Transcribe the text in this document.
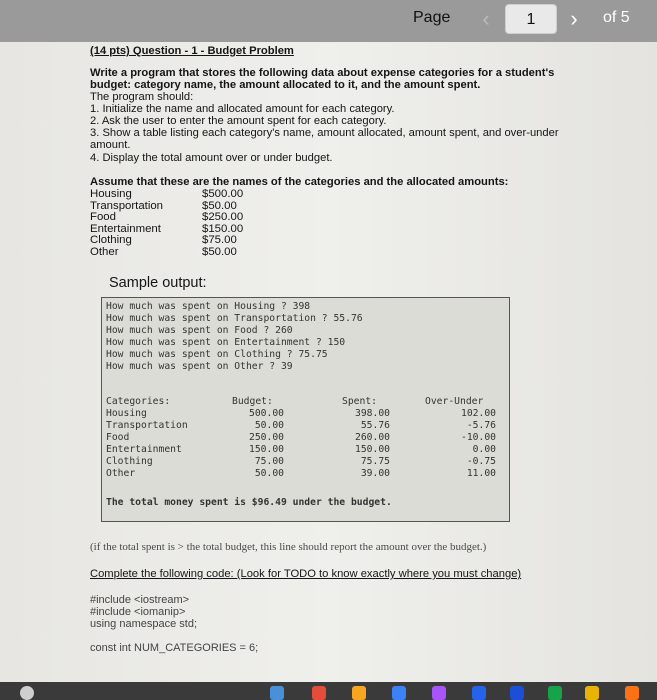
Page	‹	1	›	of 5
(14 pts) Question - 1 - Budget Problem
Write a program that stores the following data about expense categories for a student's
budget: category name, the amount allocated to it, and the amount spent.
The program should:
1. Initialize the name and allocated amount for each category.
2. Ask the user to enter the amount spent for each category.
3. Show a table listing each category's name, amount allocated, amount spent, and over-under
amount.
4. Display the total amount over or under budget.
Assume that these are the names of the categories and the allocated amounts:
Housing	$500.00
Transportation	$50.00
Food	$250.00
Entertainment	$150.00
Clothing	$75.00
Other	$50.00
Sample output:
How much was spent on Housing ? 398
How much was spent on Transportation ? 55.76
How much was spent on Food ? 260
How much was spent on Entertainment ? 150
How much was spent on Clothing ? 75.75
How much was spent on Other ? 39
Categories:	Budget:	Spent:	Over-Under
Housing	500.00	398.00	102.00
Transportation	50.00	55.76	-5.76
Food	250.00	260.00	-10.00
Entertainment	150.00	150.00	0.00
Clothing	75.00	75.75	-0.75
Other	50.00	39.00	11.00
The total money spent is $96.49 under the budget.
(if the total spent is > the total budget, this line should report the amount over the budget.)
Complete the following code: (Look for TODO to know exactly where you must change)
#include <iostream>
#include <iomanip>
using namespace std;
const int NUM_CATEGORIES = 6;
